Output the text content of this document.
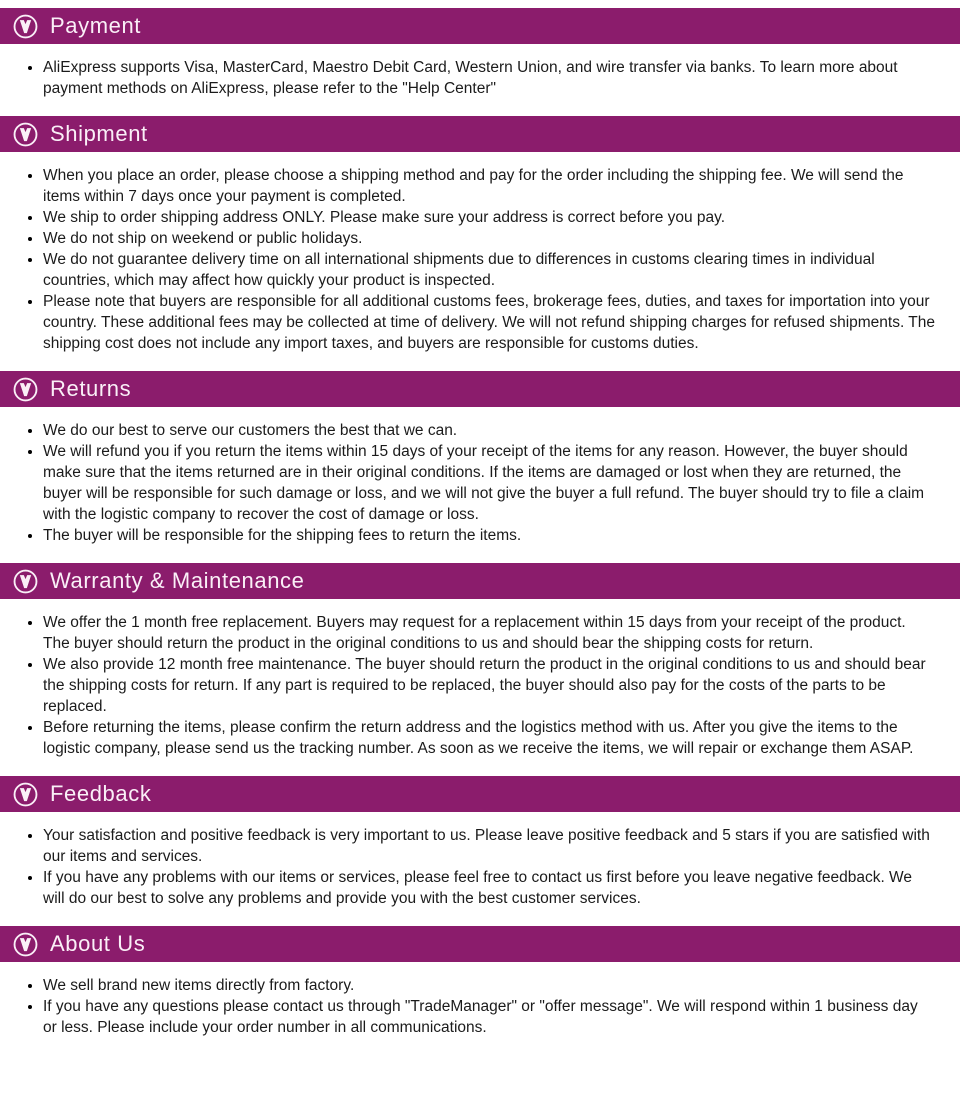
Payment
• AliExpress supports Visa, MasterCard, Maestro Debit Card, Western Union, and wire transfer via banks. To learn more about payment methods on AliExpress, please refer to the "Help Center"
Shipment
• When you place an order, please choose a shipping method and pay for the order including the shipping fee. We will send the items within 7 days once your payment is completed.
• We ship to order shipping address ONLY. Please make sure your address is correct before you pay.
• We do not ship on weekend or public holidays.
• We do not guarantee delivery time on all international shipments due to differences in customs clearing times in individual countries, which may affect how quickly your product is inspected.
• Please note that buyers are responsible for all additional customs fees, brokerage fees, duties, and taxes for importation into your country. These additional fees may be collected at time of delivery. We will not refund shipping charges for refused shipments. The shipping cost does not include any import taxes, and buyers are responsible for customs duties.
Returns
• We do our best to serve our customers the best that we can.
• We will refund you if you return the items within 15 days of your receipt of the items for any reason. However, the buyer should make sure that the items returned are in their original conditions. If the items are damaged or lost when they are returned, the buyer will be responsible for such damage or loss, and we will not give the buyer a full refund. The buyer should try to file a claim with the logistic company to recover the cost of damage or loss.
• The buyer will be responsible for the shipping fees to return the items.
Warranty & Maintenance
• We offer the 1 month free replacement. Buyers may request for a replacement within 15 days from your receipt of the product. The buyer should return the product in the original conditions to us and should bear the shipping costs for return.
• We also provide 12 month free maintenance. The buyer should return the product in the original conditions to us and should bear the shipping costs for return. If any part is required to be replaced, the buyer should also pay for the costs of the parts to be replaced.
• Before returning the items, please confirm the return address and the logistics method with us. After you give the items to the logistic company, please send us the tracking number. As soon as we receive the items, we will repair or exchange them ASAP.
Feedback
• Your satisfaction and positive feedback is very important to us. Please leave positive feedback and 5 stars if you are satisfied with our items and services.
• If you have any problems with our items or services, please feel free to contact us first before you leave negative feedback. We will do our best to solve any problems and provide you with the best customer services.
About Us
• We sell brand new items directly from factory.
• If you have any questions please contact us through "TradeManager" or "offer message". We will respond within 1 business day or less. Please include your order number in all communications.
